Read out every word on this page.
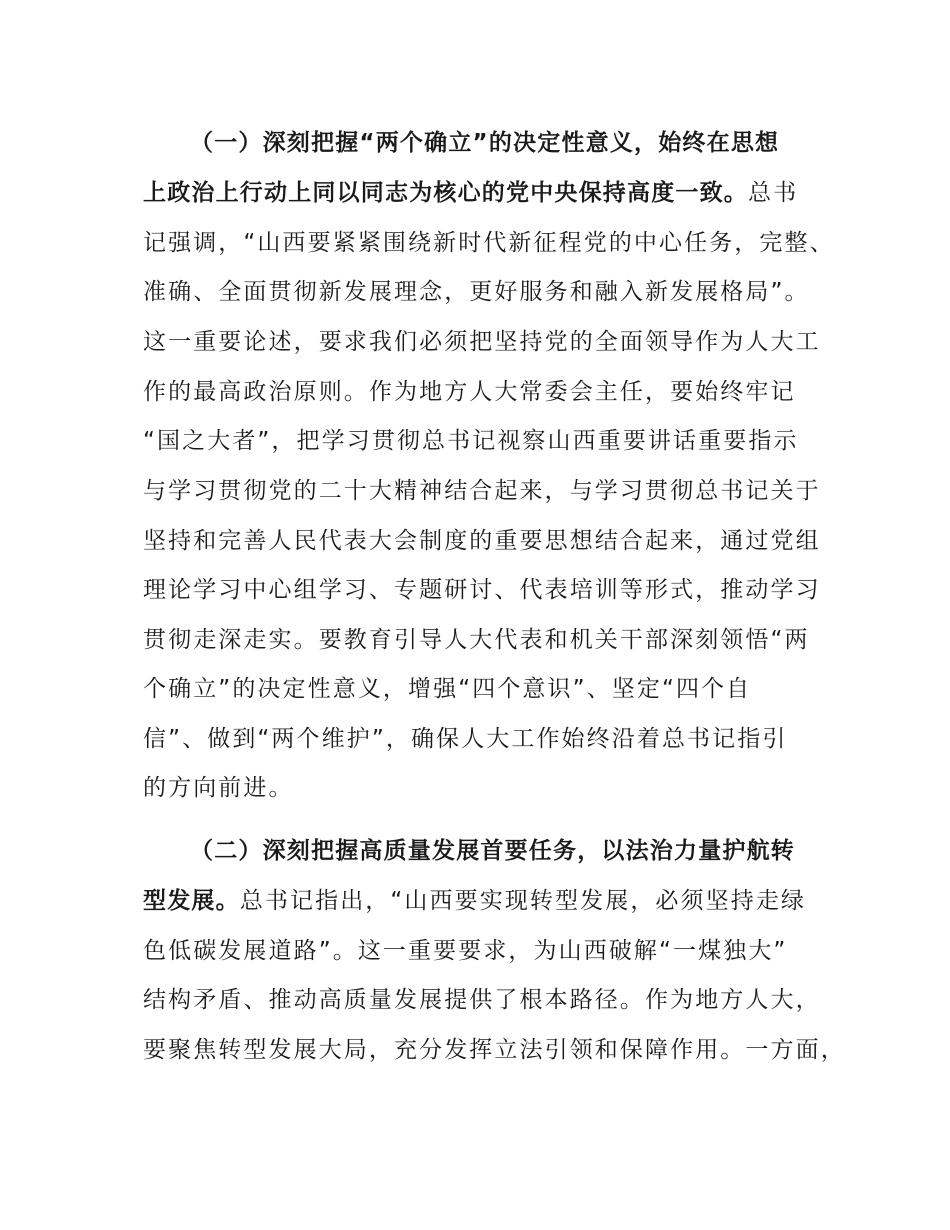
（一）深刻把握“两个确立”的决定性意义，始终在思想
上政治上行动上同以同志为核心的党中央保持高度一致。总书
记强调，“山西要紧紧围绕新时代新征程党的中心任务，完整、
准确、全面贯彻新发展理念，更好服务和融入新发展格局”。
这一重要论述，要求我们必须把坚持党的全面领导作为人大工
作的最高政治原则。作为地方人大常委会主任，要始终牢记
“国之大者”，把学习贯彻总书记视察山西重要讲话重要指示
与学习贯彻党的二十大精神结合起来，与学习贯彻总书记关于
坚持和完善人民代表大会制度的重要思想结合起来，通过党组
理论学习中心组学习、专题研讨、代表培训等形式，推动学习
贯彻走深走实。要教育引导人大代表和机关干部深刻领悟“两
个确立”的决定性意义，增强“四个意识”、坚定“四个自
信”、做到“两个维护”，确保人大工作始终沿着总书记指引
的方向前进。
（二）深刻把握高质量发展首要任务，以法治力量护航转
型发展。总书记指出，“山西要实现转型发展，必须坚持走绿
色低碳发展道路”。这一重要要求，为山西破解“一煤独大”
结构矛盾、推动高质量发展提供了根本路径。作为地方人大，
要聚焦转型发展大局，充分发挥立法引领和保障作用。一方面，
